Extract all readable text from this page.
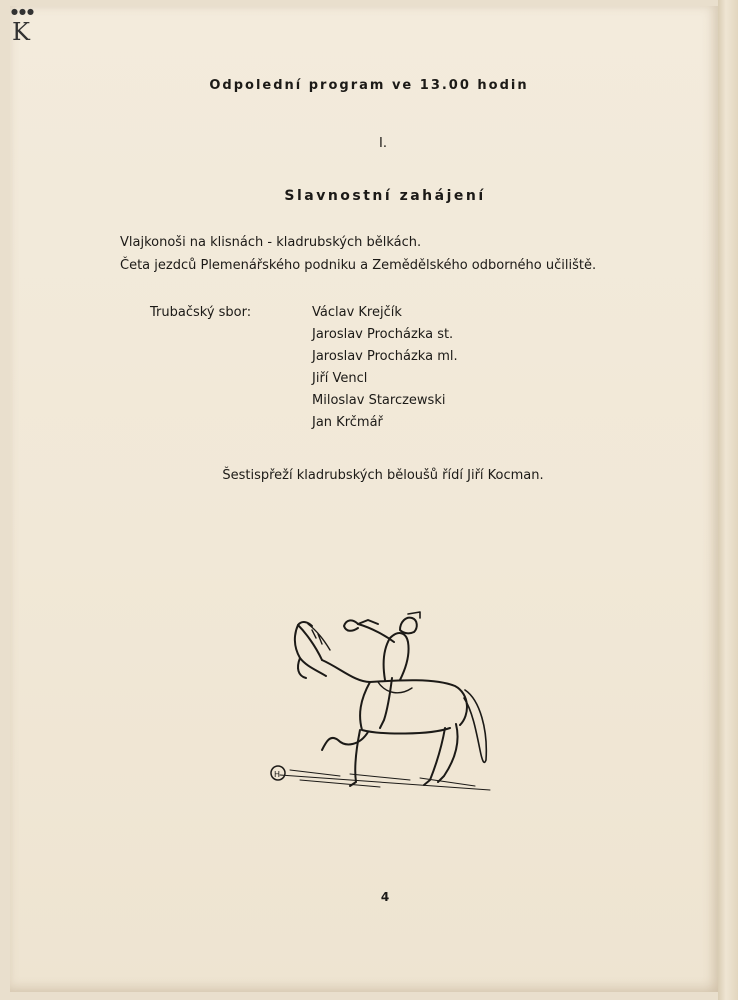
●●●
K
Odpolední program ve 13.00 hodin
I.
Slavnostní zahájení
Vlajkonoši na klisnách - kladrubských bělkách.
Četa jezdců Plemenářského podniku a Zemědělského odborného učiliště.
Trubačský sbor:	Václav Krejčík
Jaroslav Procházka st.
Jaroslav Procházka ml.
Jiří Vencl
Miloslav Starczewski
Jan Krčmář
Šestispřeží kladrubských běloušů řídí Jiří Kocman.
H
4
